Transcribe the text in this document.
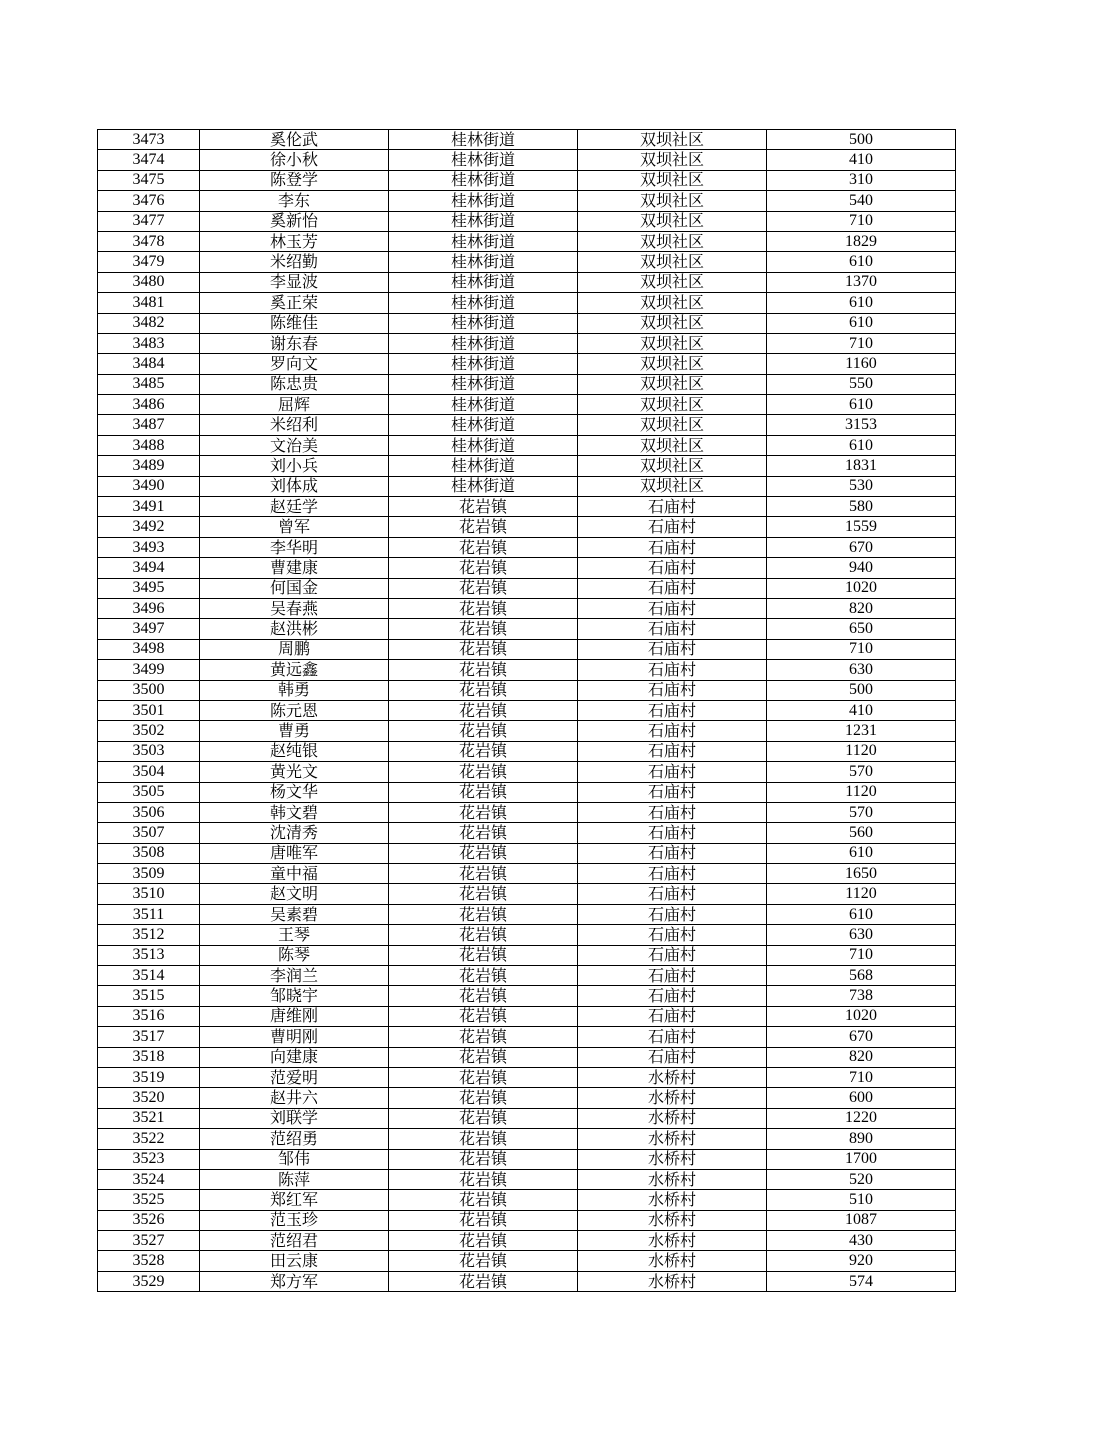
3473	奚伦武	桂林街道	双坝社区	500
3474	徐小秋	桂林街道	双坝社区	410
3475	陈登学	桂林街道	双坝社区	310
3476	李东	桂林街道	双坝社区	540
3477	奚新怡	桂林街道	双坝社区	710
3478	林玉芳	桂林街道	双坝社区	1829
3479	米绍勤	桂林街道	双坝社区	610
3480	李显波	桂林街道	双坝社区	1370
3481	奚正荣	桂林街道	双坝社区	610
3482	陈维佳	桂林街道	双坝社区	610
3483	谢东春	桂林街道	双坝社区	710
3484	罗向文	桂林街道	双坝社区	1160
3485	陈忠贵	桂林街道	双坝社区	550
3486	屈辉	桂林街道	双坝社区	610
3487	米绍利	桂林街道	双坝社区	3153
3488	文治美	桂林街道	双坝社区	610
3489	刘小兵	桂林街道	双坝社区	1831
3490	刘体成	桂林街道	双坝社区	530
3491	赵廷学	花岩镇	石庙村	580
3492	曾军	花岩镇	石庙村	1559
3493	李华明	花岩镇	石庙村	670
3494	曹建康	花岩镇	石庙村	940
3495	何国金	花岩镇	石庙村	1020
3496	吴春燕	花岩镇	石庙村	820
3497	赵洪彬	花岩镇	石庙村	650
3498	周鹏	花岩镇	石庙村	710
3499	黄远鑫	花岩镇	石庙村	630
3500	韩勇	花岩镇	石庙村	500
3501	陈元恩	花岩镇	石庙村	410
3502	曹勇	花岩镇	石庙村	1231
3503	赵纯银	花岩镇	石庙村	1120
3504	黄光文	花岩镇	石庙村	570
3505	杨文华	花岩镇	石庙村	1120
3506	韩文碧	花岩镇	石庙村	570
3507	沈清秀	花岩镇	石庙村	560
3508	唐唯军	花岩镇	石庙村	610
3509	童中福	花岩镇	石庙村	1650
3510	赵文明	花岩镇	石庙村	1120
3511	吴素碧	花岩镇	石庙村	610
3512	王琴	花岩镇	石庙村	630
3513	陈琴	花岩镇	石庙村	710
3514	李润兰	花岩镇	石庙村	568
3515	邹晓宇	花岩镇	石庙村	738
3516	唐维刚	花岩镇	石庙村	1020
3517	曹明刚	花岩镇	石庙村	670
3518	向建康	花岩镇	石庙村	820
3519	范爱明	花岩镇	水桥村	710
3520	赵井六	花岩镇	水桥村	600
3521	刘联学	花岩镇	水桥村	1220
3522	范绍勇	花岩镇	水桥村	890
3523	邹伟	花岩镇	水桥村	1700
3524	陈萍	花岩镇	水桥村	520
3525	郑红军	花岩镇	水桥村	510
3526	范玉珍	花岩镇	水桥村	1087
3527	范绍君	花岩镇	水桥村	430
3528	田云康	花岩镇	水桥村	920
3529	郑方军	花岩镇	水桥村	574
